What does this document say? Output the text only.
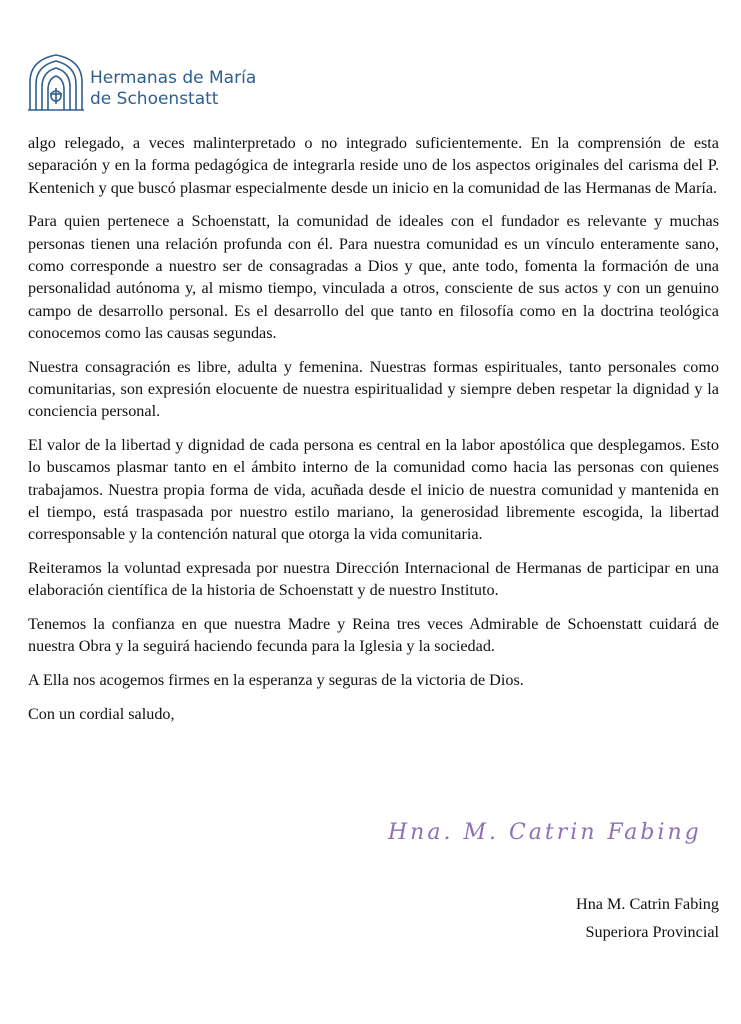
Hermanas de María
de Schoenstatt

algo relegado, a veces malinterpretado o no integrado suficientemente. En la comprensión de esta separación y en la forma pedagógica de integrarla reside uno de los aspectos originales del carisma del P. Kentenich y que buscó plasmar especialmente desde un inicio en la comunidad de las Hermanas de María.

Para quien pertenece a Schoenstatt, la comunidad de ideales con el fundador es relevante y muchas personas tienen una relación profunda con él. Para nuestra comunidad es un vínculo enteramente sano, como corresponde a nuestro ser de consagradas a Dios y que, ante todo, fomenta la formación de una personalidad autónoma y, al mismo tiempo, vinculada a otros, consciente de sus actos y con un genuino campo de desarrollo personal. Es el desarrollo del que tanto en filosofía como en la doctrina teológica conocemos como las causas segundas.

Nuestra consagración es libre, adulta y femenina. Nuestras formas espirituales, tanto personales como comunitarias, son expresión elocuente de nuestra espiritualidad y siempre deben respetar la dignidad y la conciencia personal.

El valor de la libertad y dignidad de cada persona es central en la labor apostólica que desplegamos. Esto lo buscamos plasmar tanto en el ámbito interno de la comunidad como hacia las personas con quienes trabajamos. Nuestra propia forma de vida, acuñada desde el inicio de nuestra comunidad y mantenida en el tiempo, está traspasada por nuestro estilo mariano, la generosidad libremente escogida, la libertad corresponsable y la contención natural que otorga la vida comunitaria.

Reiteramos la voluntad expresada por nuestra Dirección Internacional de Hermanas de participar en una elaboración científica de la historia de Schoenstatt y de nuestro Instituto.

Tenemos la confianza en que nuestra Madre y Reina tres veces Admirable de Schoenstatt cuidará de nuestra Obra y la seguirá haciendo fecunda para la Iglesia y la sociedad.

A Ella nos acogemos firmes en la esperanza y seguras de la victoria de Dios.

Con un cordial saludo,

Hna. M. Catrin Fabing
Hna M. Catrin Fabing
Superiora Provincial
